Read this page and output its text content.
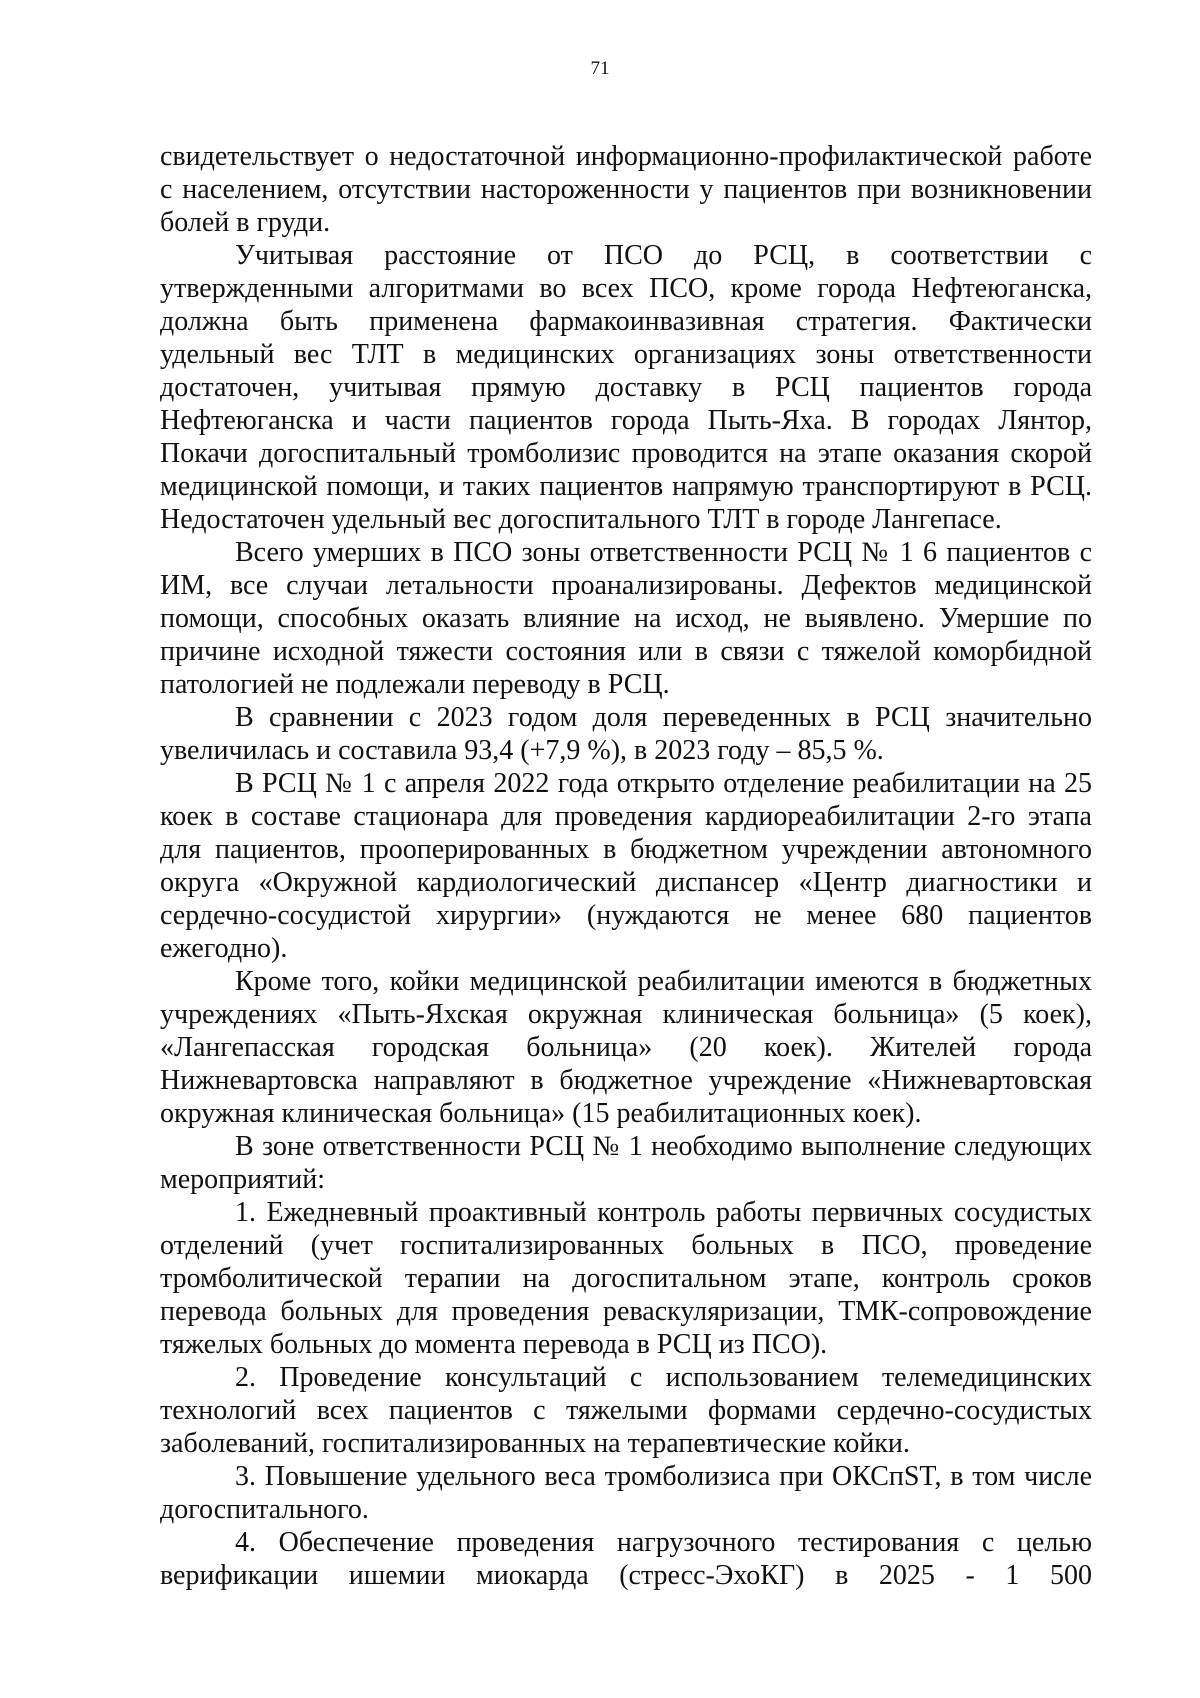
71

свидетельствует о недостаточной информационно-профилактической работе с населением, отсутствии настороженности у пациентов при возникновении болей в груди.

Учитывая расстояние от ПСО до РСЦ, в соответствии с утвержденными алгоритмами во всех ПСО, кроме города Нефтеюганска, должна быть применена фармакоинвазивная стратегия. Фактически удельный вес ТЛТ в медицинских организациях зоны ответственности достаточен, учитывая прямую доставку в РСЦ пациентов города Нефтеюганска и части пациентов города Пыть-Яха. В городах Лянтор, Покачи догоспитальный тромболизис проводится на этапе оказания скорой медицинской помощи, и таких пациентов напрямую транспортируют в РСЦ. Недостаточен удельный вес догоспитального ТЛТ в городе Лангепасе.

Всего умерших в ПСО зоны ответственности РСЦ № 1 6 пациентов с ИМ, все случаи летальности проанализированы. Дефектов медицинской помощи, способных оказать влияние на исход, не выявлено. Умершие по причине исходной тяжести состояния или в связи с тяжелой коморбидной патологией не подлежали переводу в РСЦ.

В сравнении с 2023 годом доля переведенных в РСЦ значительно увеличилась и составила 93,4 (+7,9 %), в 2023 году – 85,5 %.

В РСЦ № 1 с апреля 2022 года открыто отделение реабилитации на 25 коек в составе стационара для проведения кардиореабилитации 2-го этапа для пациентов, прооперированных в бюджетном учреждении автономного округа «Окружной кардиологический диспансер «Центр диагностики и сердечно-сосудистой хирургии» (нуждаются не менее 680 пациентов ежегодно).

Кроме того, койки медицинской реабилитации имеются в бюджетных учреждениях «Пыть-Яхская окружная клиническая больница» (5 коек), «Лангепасская городская больница» (20 коек). Жителей города Нижневартовска направляют в бюджетное учреждение «Нижневартовская окружная клиническая больница» (15 реабилитационных коек).

В зоне ответственности РСЦ № 1 необходимо выполнение следующих мероприятий:

1. Ежедневный проактивный контроль работы первичных сосудистых отделений (учет госпитализированных больных в ПСО, проведение тромболитической терапии на догоспитальном этапе, контроль сроков перевода больных для проведения реваскуляризации, ТМК-сопровождение тяжелых больных до момента перевода в РСЦ из ПСО).

2. Проведение консультаций с использованием телемедицинских технологий всех пациентов с тяжелыми формами сердечно-сосудистых заболеваний, госпитализированных на терапевтические койки.

3. Повышение удельного веса тромболизиса при ОКСпST, в том числе догоспитального.

4. Обеспечение проведения нагрузочного тестирования с целью верификации ишемии миокарда (стресс-ЭхоКГ) в 2025 - 1 500
